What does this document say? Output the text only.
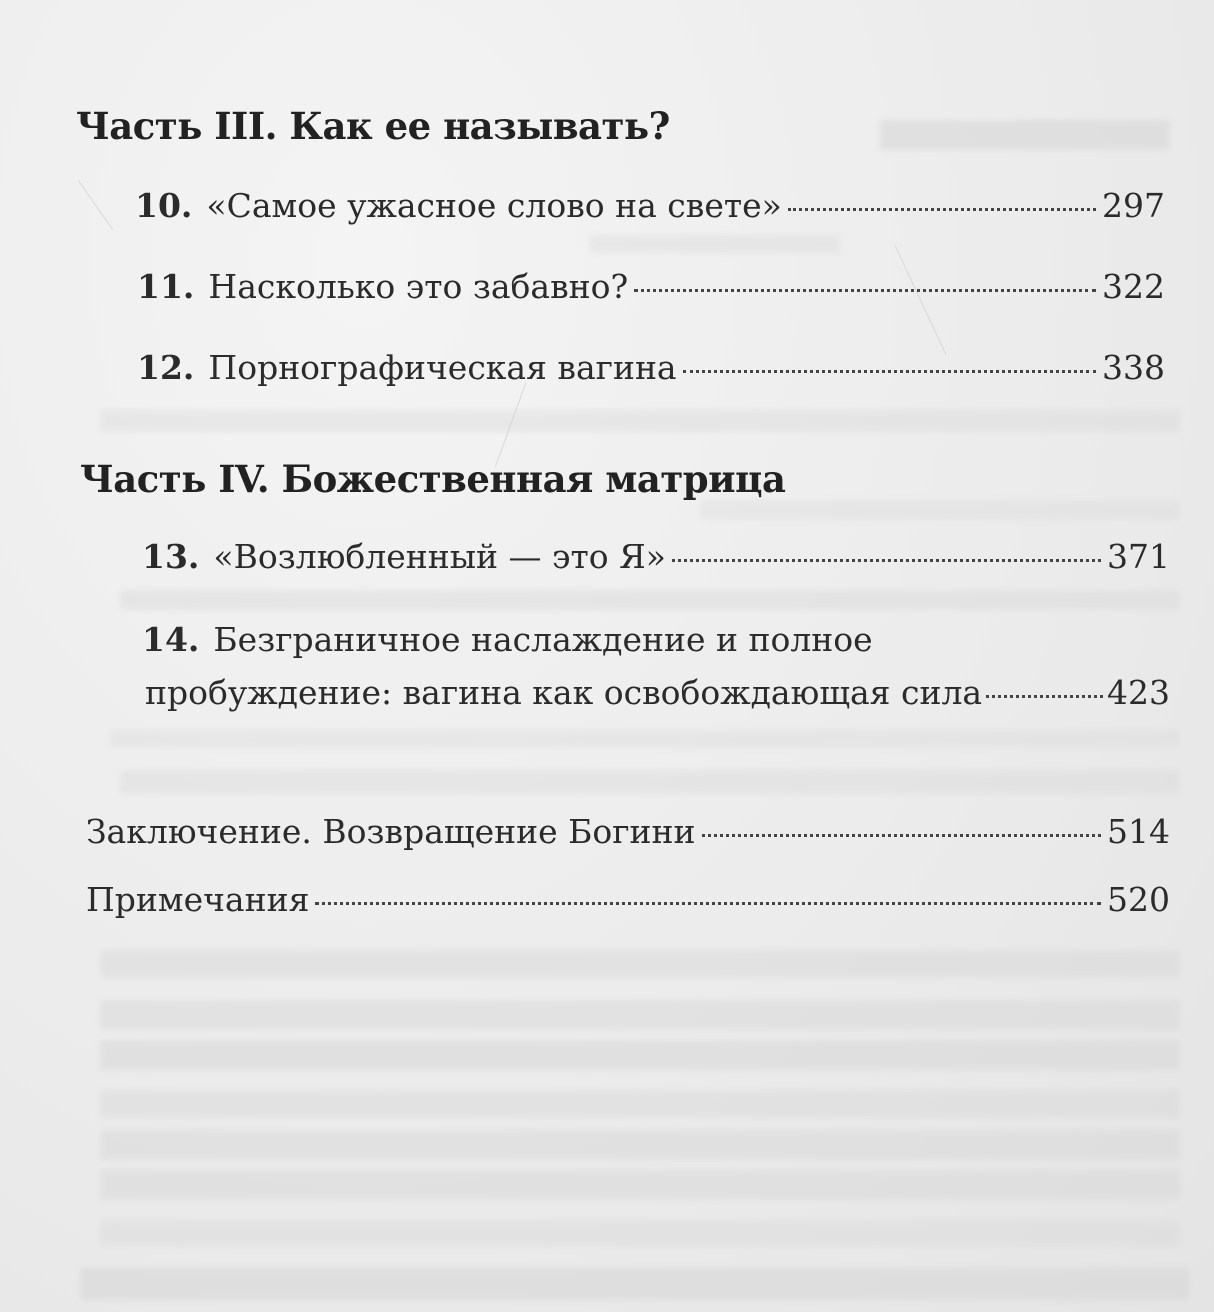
Часть III. Как ее называть?
10. «Самое ужасное слово на свете»	297
11. Насколько это забавно?	322
12. Порнографическая вагина	338
Часть IV. Божественная матрица
13. «Возлюбленный — это Я»	371
14. Безграничное наслаждение и полное
пробуждение: вагина как освобождающая сила	423
Заключение. Возвращение Богини	514
Примечания	520
